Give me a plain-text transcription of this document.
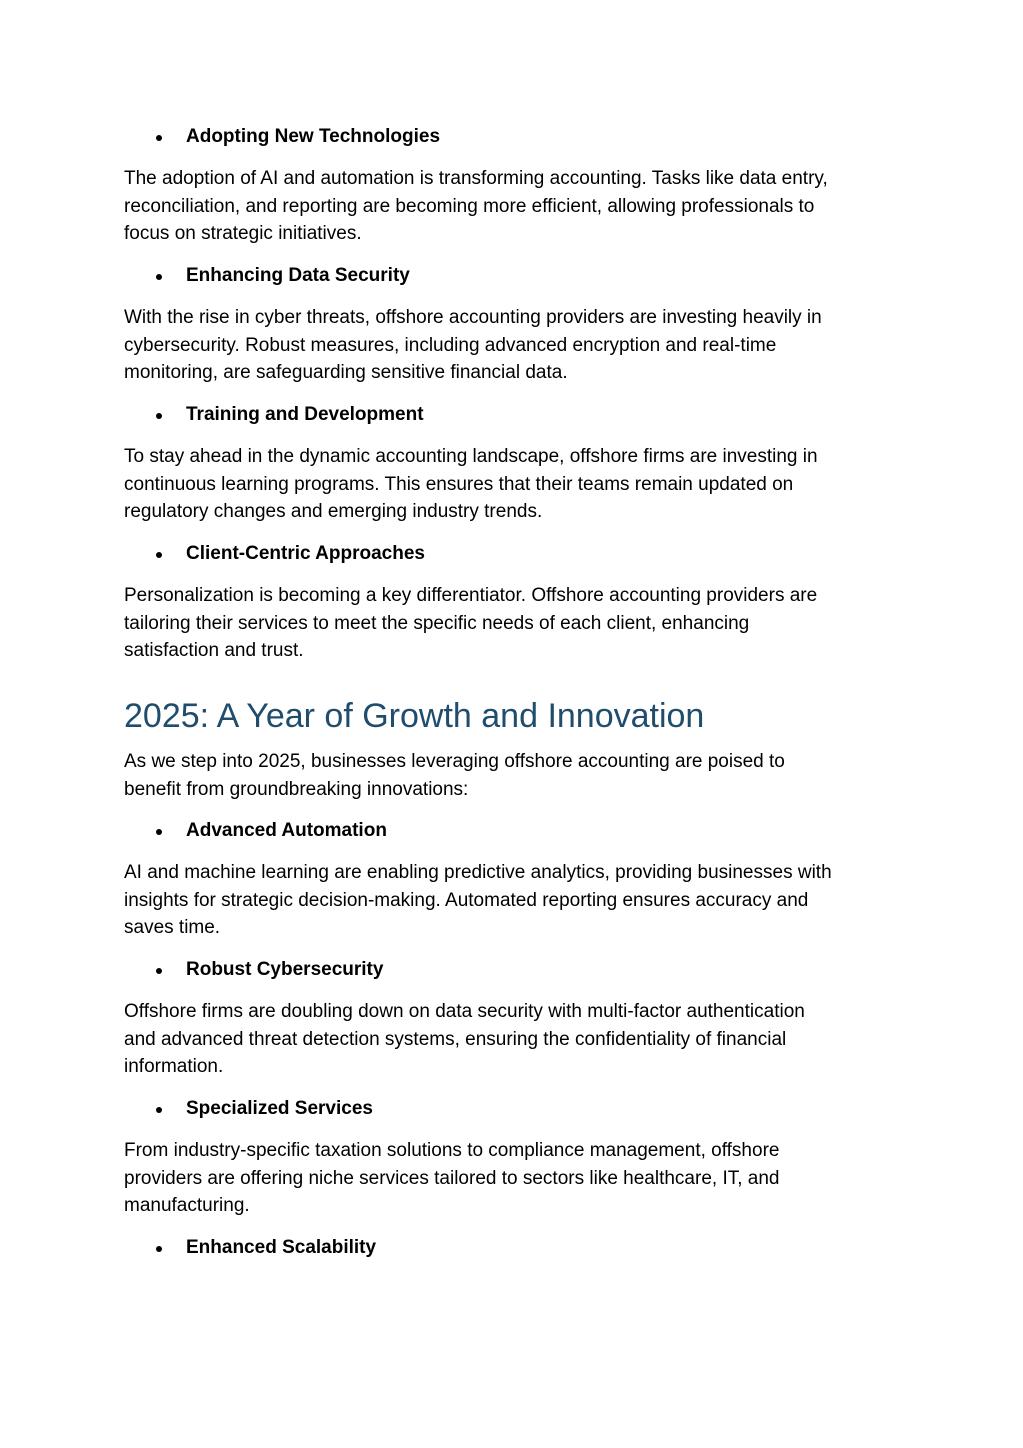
Adopting New Technologies

The adoption of AI and automation is transforming accounting. Tasks like data entry,

reconciliation, and reporting are becoming more efficient, allowing professionals to

focus on strategic initiatives.

Enhancing Data Security

With the rise in cyber threats, offshore accounting providers are investing heavily in

cybersecurity. Robust measures, including advanced encryption and real-time

monitoring, are safeguarding sensitive financial data.

Training and Development

To stay ahead in the dynamic accounting landscape, offshore firms are investing in

continuous learning programs. This ensures that their teams remain updated on

regulatory changes and emerging industry trends.

Client-Centric Approaches

Personalization is becoming a key differentiator. Offshore accounting providers are

tailoring their services to meet the specific needs of each client, enhancing

satisfaction and trust.

2025: A Year of Growth and Innovation

As we step into 2025, businesses leveraging offshore accounting are poised to

benefit from groundbreaking innovations:

Advanced Automation

AI and machine learning are enabling predictive analytics, providing businesses with

insights for strategic decision-making. Automated reporting ensures accuracy and

saves time.

Robust Cybersecurity

Offshore firms are doubling down on data security with multi-factor authentication

and advanced threat detection systems, ensuring the confidentiality of financial

information.

Specialized Services

From industry-specific taxation solutions to compliance management, offshore

providers are offering niche services tailored to sectors like healthcare, IT, and

manufacturing.

Enhanced Scalability
